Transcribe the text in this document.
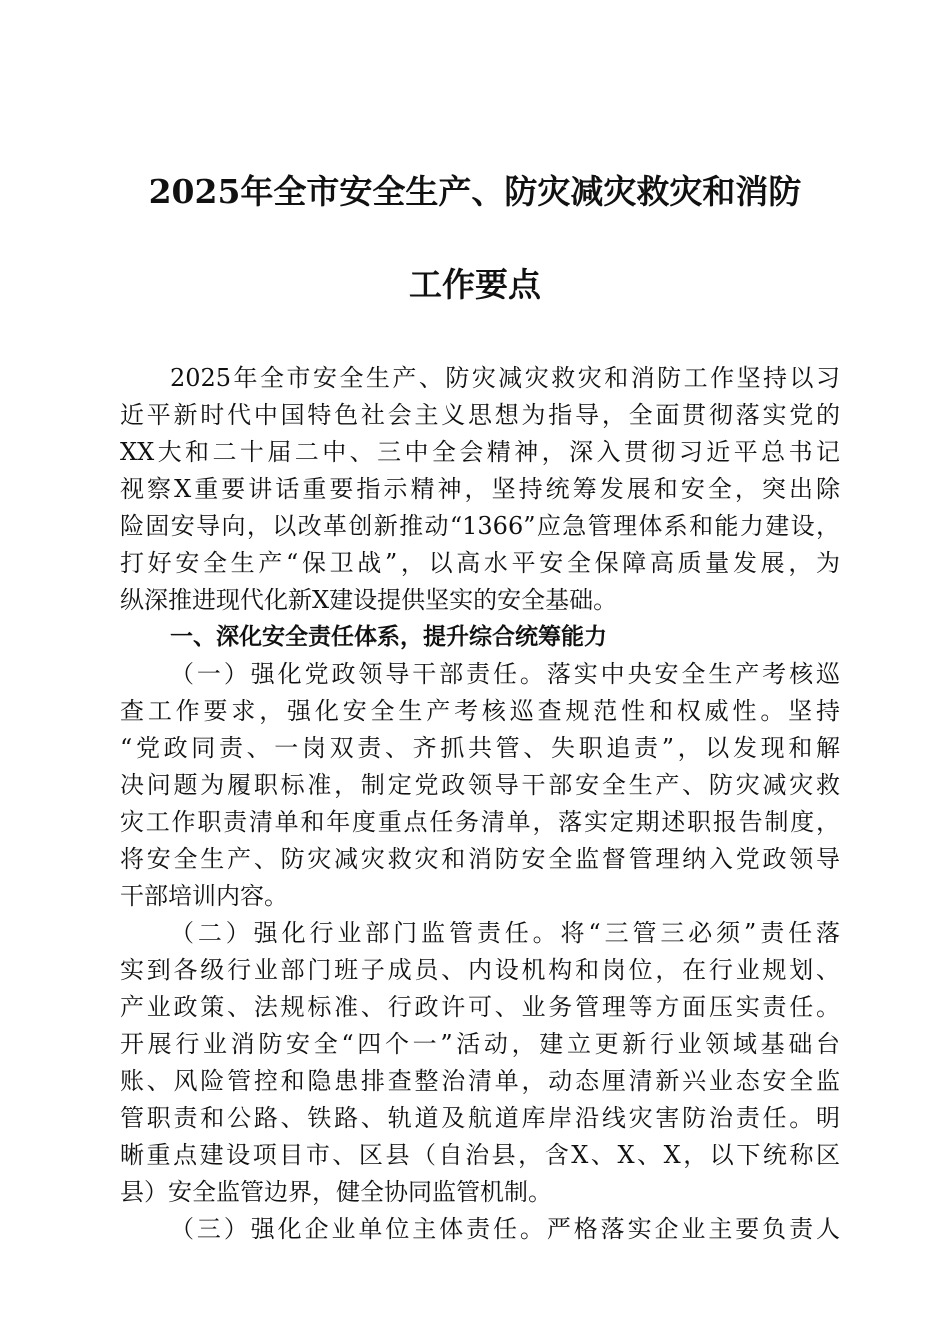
2025年全市安全生产、防灾减灾救灾和消防
工作要点
2025年全市安全生产、防灾减灾救灾和消防工作坚持以习
近平新时代中国特色社会主义思想为指导，全面贯彻落实党的
XX大和二十届二中、三中全会精神，深入贯彻习近平总书记
视察X重要讲话重要指示精神，坚持统筹发展和安全，突出除
险固安导向，以改革创新推动“1366”应急管理体系和能力建设，
打好安全生产“保卫战”，以高水平安全保障高质量发展，为
纵深推进现代化新X建设提供坚实的安全基础。
一、深化安全责任体系，提升综合统筹能力
（一）强化党政领导干部责任。落实中央安全生产考核巡
查工作要求，强化安全生产考核巡查规范性和权威性。坚持
“党政同责、一岗双责、齐抓共管、失职追责”，以发现和解
决问题为履职标准，制定党政领导干部安全生产、防灾减灾救
灾工作职责清单和年度重点任务清单，落实定期述职报告制度，
将安全生产、防灾减灾救灾和消防安全监督管理纳入党政领导
干部培训内容。
（二）强化行业部门监管责任。将“三管三必须”责任落
实到各级行业部门班子成员、内设机构和岗位，在行业规划、
产业政策、法规标准、行政许可、业务管理等方面压实责任。
开展行业消防安全“四个一”活动，建立更新行业领域基础台
账、风险管控和隐患排查整治清单，动态厘清新兴业态安全监
管职责和公路、铁路、轨道及航道库岸沿线灾害防治责任。明
晰重点建设项目市、区县（自治县，含X、X、X，以下统称区
县）安全监管边界，健全协同监管机制。
（三）强化企业单位主体责任。严格落实企业主要负责人
